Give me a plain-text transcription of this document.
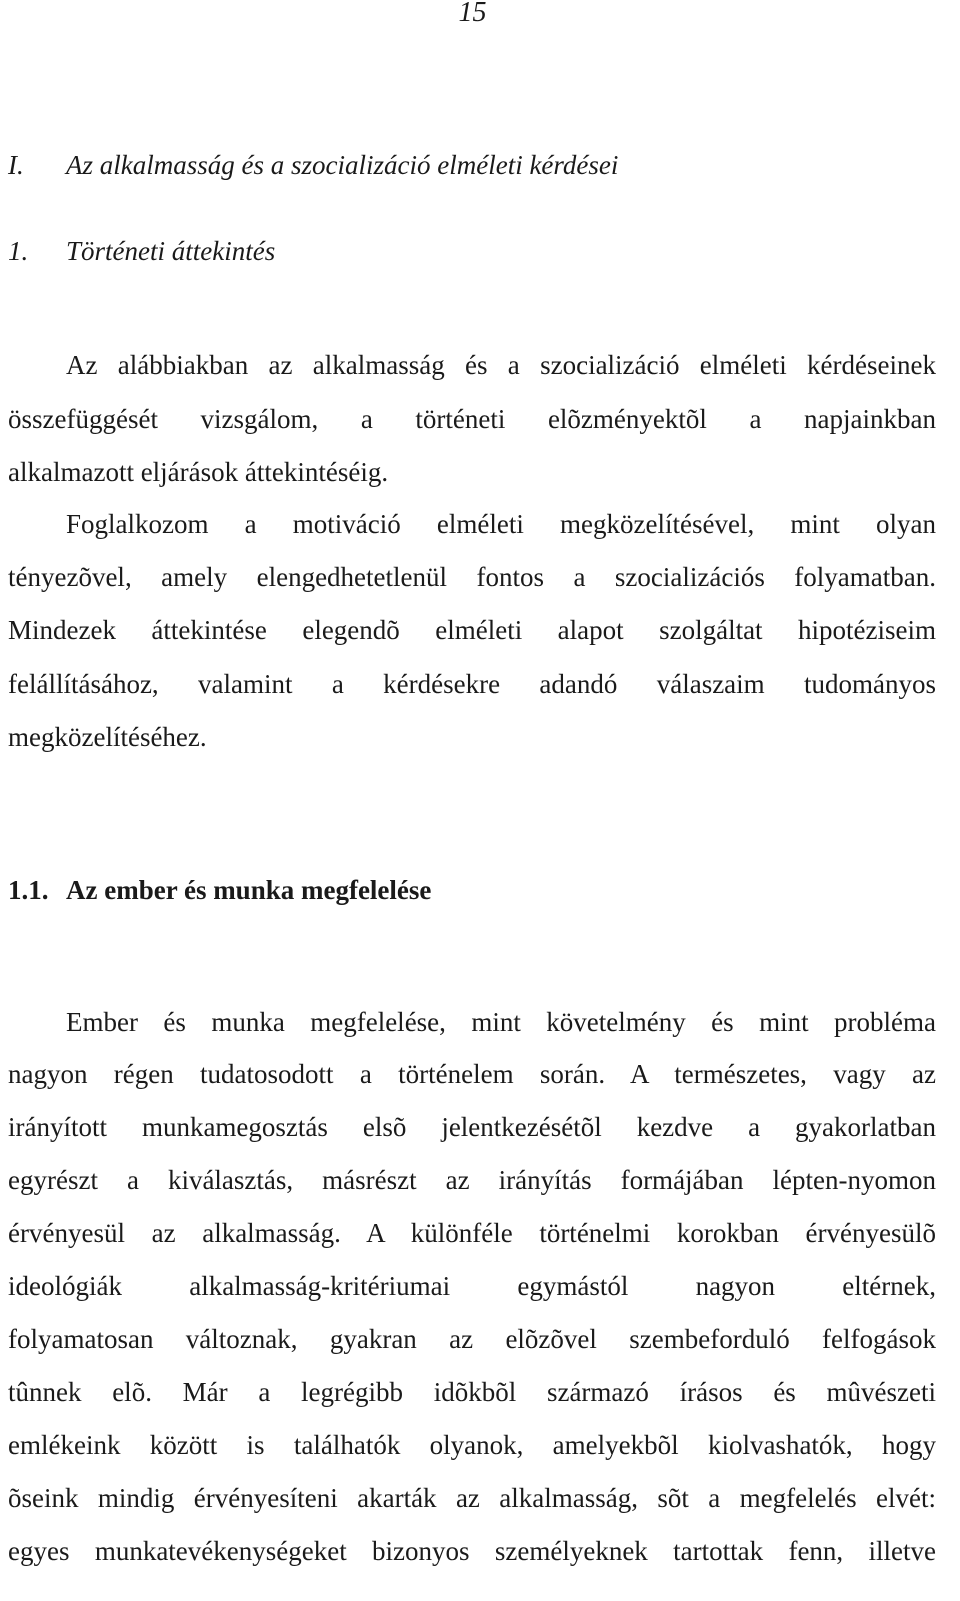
15
I. Az alkalmasság és a szocializáció elméleti kérdései
1. Történeti áttekintés
Az alábbiakban az alkalmasság és a szocializáció elméleti kérdéseinek
összefüggését vizsgálom, a történeti elõzményektõl a napjainkban
alkalmazott eljárások áttekintéséig.
Foglalkozom a motiváció elméleti megközelítésével, mint olyan
tényezõvel, amely elengedhetetlenül fontos a szocializációs folyamatban.
Mindezek áttekintése elegendõ elméleti alapot szolgáltat hipotéziseim
felállításához, valamint a kérdésekre adandó válaszaim tudományos
megközelítéséhez.
1.1. Az ember és munka megfelelése
Ember és munka megfelelése, mint követelmény és mint probléma
nagyon régen tudatosodott a történelem során. A természetes, vagy az
irányított munkamegosztás elsõ jelentkezésétõl kezdve a gyakorlatban
egyrészt a kiválasztás, másrészt az irányítás formájában lépten-nyomon
érvényesül az alkalmasság. A különféle történelmi korokban érvényesülõ
ideológiák alkalmasság-kritériumai egymástól nagyon eltérnek,
folyamatosan változnak, gyakran az elõzõvel szembeforduló felfogások
tûnnek elõ. Már a legrégibb idõkbõl származó írásos és mûvészeti
emlékeink között is találhatók olyanok, amelyekbõl kiolvashatók, hogy
õseink mindig érvényesíteni akarták az alkalmasság, sõt a megfelelés elvét:
egyes munkatevékenységeket bizonyos személyeknek tartottak fenn, illetve
